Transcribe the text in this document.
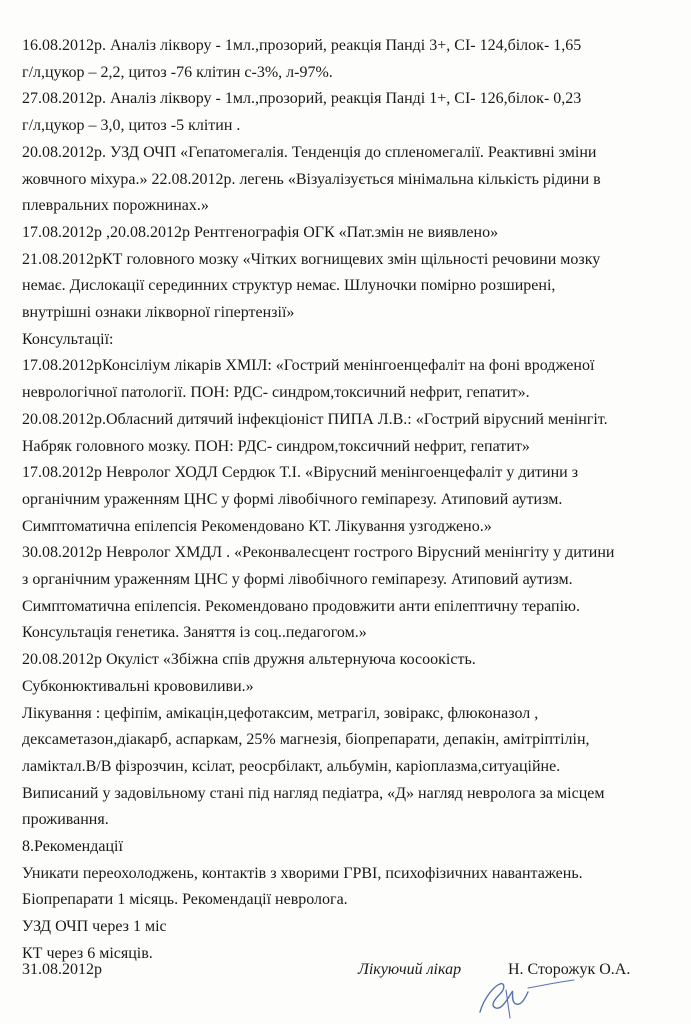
16.08.2012р. Аналіз ліквору - 1мл.,прозорий, реакція Панді 3+, СІ- 124,білок- 1,65
г/л,цукор – 2,2, цитоз -76 клітин с-3%, л-97%.
27.08.2012р. Аналіз ліквору - 1мл.,прозорий, реакція Панді 1+, СІ- 126,білок- 0,23
г/л,цукор – 3,0, цитоз -5 клітин .
20.08.2012р. УЗД ОЧП «Гепатомегалія. Тенденція до спленомегалії. Реактивні зміни
жовчного міхура.» 22.08.2012р. легень «Візуалізується мінімальна кількість рідини в
плевральних порожнинах.»
17.08.2012р ,20.08.2012р Рентгенографія ОГК «Пат.змін не виявлено»
21.08.2012рКТ головного мозку «Чітких вогнищевих змін щільності речовини мозку
немає. Дислокації серединних структур немає. Шлуночки помірно розширені,
внутрішні ознаки лікворної гіпертензії»
Консультації:
17.08.2012рКонсіліум лікарів ХМІЛ: «Гострий менінгоенцефаліт на фоні вродженої
неврологічної патології. ПОН: РДС- синдром,токсичний нефрит, гепатит».
20.08.2012р.Обласний дитячий інфекціоніст ПИПА Л.В.: «Гострий вірусний менінгіт.
Набряк головного мозку. ПОН: РДС- синдром,токсичний нефрит, гепатит»
17.08.2012р Невролог ХОДЛ Сердюк Т.І. «Вірусний менінгоенцефаліт у дитини з
органічним ураженням ЦНС у формі лівобічного геміпарезу. Атиповий аутизм.
Симптоматична епілепсія Рекомендовано КТ. Лікування узгоджено.»
30.08.2012р Невролог ХМДЛ . «Реконвалесцент гострого Вірусний менінгіту у дитини
з органічним ураженням ЦНС у формі лівобічного геміпарезу. Атиповий аутизм.
Симптоматична епілепсія. Рекомендовано продовжити анти епілептичну терапію.
Консультація генетика. Заняття із соц..педагогом.»
20.08.2012р Окуліст «Збіжна спів дружня альтернуюча косоокість.
Субконюктивальні крововиливи.»
Лікування : цефіпім, амікацін,цефотаксим, метрагіл, зовіракс, флюконазол ,
дексаметазон,діакарб, аспаркам, 25% магнезія, біопрепарати, депакін, амітріптілін,
ламіктал.В/В фізрозчин, ксілат, реосрбілакт, альбумін, каріоплазма,ситуаційне.
Виписаний у задовільному стані під нагляд педіатра, «Д» нагляд невролога за місцем
проживання.
8.Рекомендації
Уникати переохолоджень, контактів з хворими ГРВІ, психофізичних навантажень.
Біопрепарати 1 місяць. Рекомендації невролога.
УЗД ОЧП через 1 міс
КТ через 6 місяців.
31.08.2012р	Лікуючий лікар	Н. Сторожук О.А.
